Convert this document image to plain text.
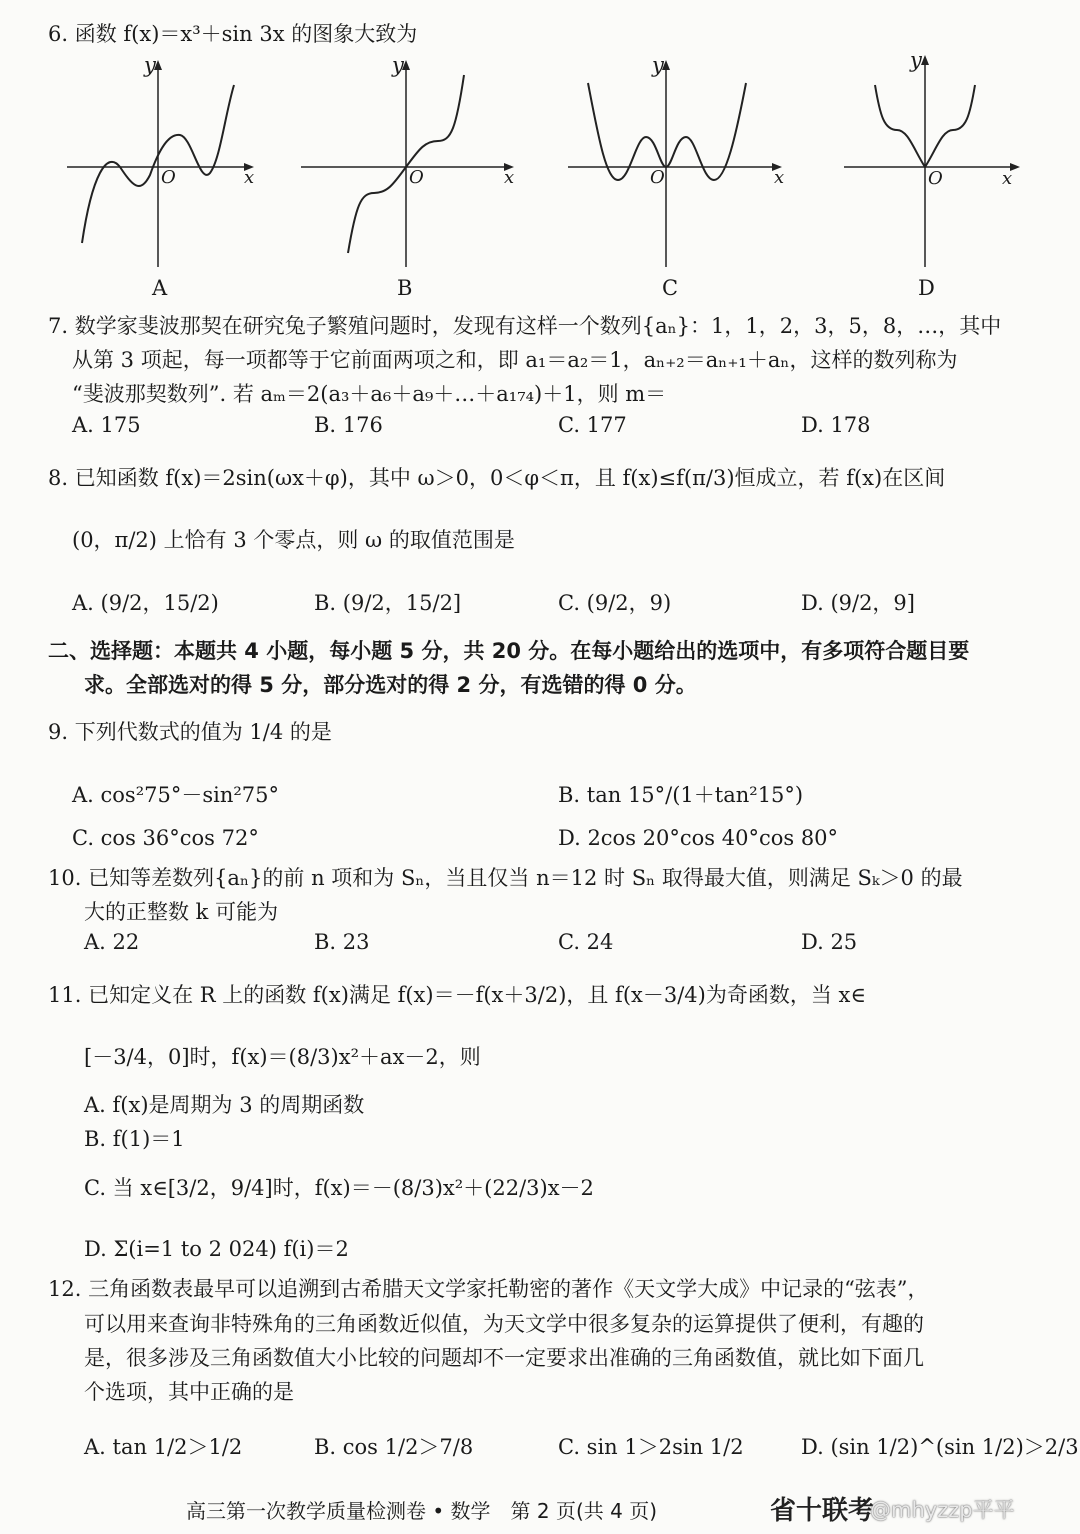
6. 函数 f(x)＝x³＋sin 3x 的图象大致为
y
x
O
A
y
x
O
B
y
x
O
C
y
x
O
D
7. 数学家斐波那契在研究兔子繁殖问题时，发现有这样一个数列{aₙ}：1，1，2，3，5，8，…，其中
从第 3 项起，每一项都等于它前面两项之和，即 a₁＝a₂＝1，aₙ₊₂＝aₙ₊₁＋aₙ，这样的数列称为
“斐波那契数列”. 若 aₘ＝2(a₃＋a₆＋a₉＋…＋a₁₇₄)＋1，则 m＝
A. 175	B. 176	C. 177	D. 178
8. 已知函数 f(x)＝2sin(ωx＋φ)，其中 ω＞0，0＜φ＜π，且 f(x)≤f(π/3)恒成立，若 f(x)在区间
(0，π/2) 上恰有 3 个零点，则 ω 的取值范围是
A. (9/2，15/2)	B. (9/2，15/2]	C. (9/2，9)	D. (9/2，9]
二、选择题：本题共 4 小题，每小题 5 分，共 20 分。在每小题给出的选项中，有多项符合题目要
求。全部选对的得 5 分，部分选对的得 2 分，有选错的得 0 分。
9. 下列代数式的值为 1/4 的是
A. cos²75°－sin²75°	B. tan 15°/(1＋tan²15°)
C. cos 36°cos 72°	D. 2cos 20°cos 40°cos 80°
10. 已知等差数列{aₙ}的前 n 项和为 Sₙ，当且仅当 n＝12 时 Sₙ 取得最大值，则满足 Sₖ＞0 的最
大的正整数 k 可能为
A. 22	B. 23	C. 24	D. 25
11. 已知定义在 R 上的函数 f(x)满足 f(x)＝－f(x＋3/2)，且 f(x－3/4)为奇函数，当 x∈
[－3/4，0]时，f(x)＝(8/3)x²＋ax－2，则
A. f(x)是周期为 3 的周期函数
B. f(1)＝1
C. 当 x∈[3/2，9/4]时，f(x)＝－(8/3)x²＋(22/3)x－2
D. Σ(i=1 to 2 024) f(i)＝2
12. 三角函数表最早可以追溯到古希腊天文学家托勒密的著作《天文学大成》中记录的“弦表”，
可以用来查询非特殊角的三角函数近似值，为天文学中很多复杂的运算提供了便利，有趣的
是，很多涉及三角函数值大小比较的问题却不一定要求出准确的三角函数值，就比如下面几
个选项，其中正确的是
A. tan 1/2＞1/2	B. cos 1/2＞7/8	C. sin 1＞2sin 1/2	D. (sin 1/2)^(sin 1/2)＞2/3
高三第一次教学质量检测卷 • 数学　第 2 页(共 4 页)	省十联考
@mhyzzp平平
